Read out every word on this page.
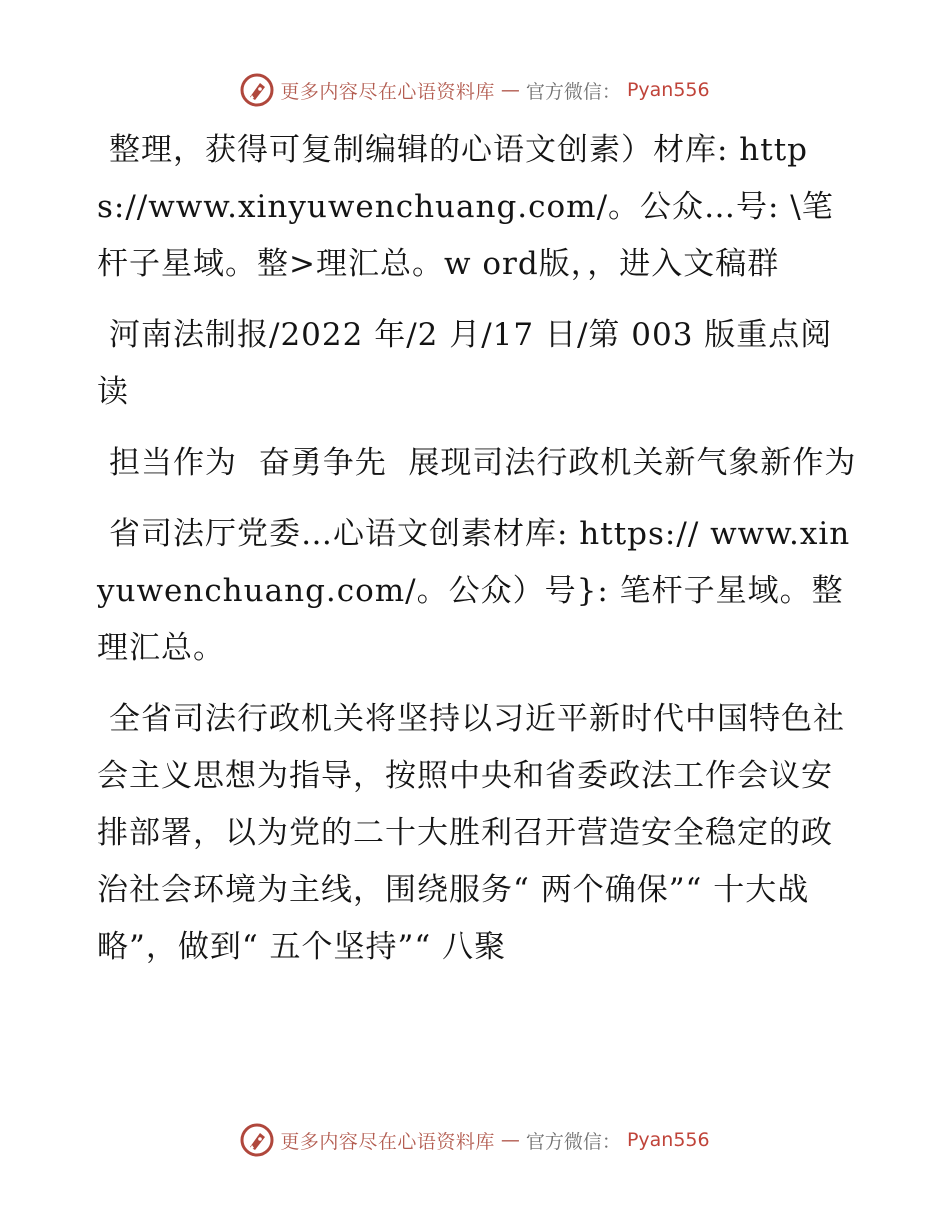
更多内容尽在心语资料库 — 官方微信： Pyan556

整理，获得可复制编辑的心语文创素）材库: https://www.xinyuwenchuang.com/。公众…号: \笔杆子星域。整>理汇总。w ord版，，进入文稿群

河南法制报/2022 年/2 月/17 日/第 003 版重点阅读

担当作为  奋勇争先  展现司法行政机关新气象新作为

省司法厅党委…心语文创素材库: https:// www.xinyuwenchuang.com/。公众）号}: 笔杆子星域。整理汇总。

全省司法行政机关将坚持以习近平新时代中国特色社会主义思想为指导，按照中央和省委政法工作会议安排部署，以为党的二十大胜利召开营造安全稳定的政治社会环境为主线，围绕服务“ 两个确保”“ 十大战略”，做到“ 五个坚持”“ 八聚

更多内容尽在心语资料库 — 官方微信： Pyan556
